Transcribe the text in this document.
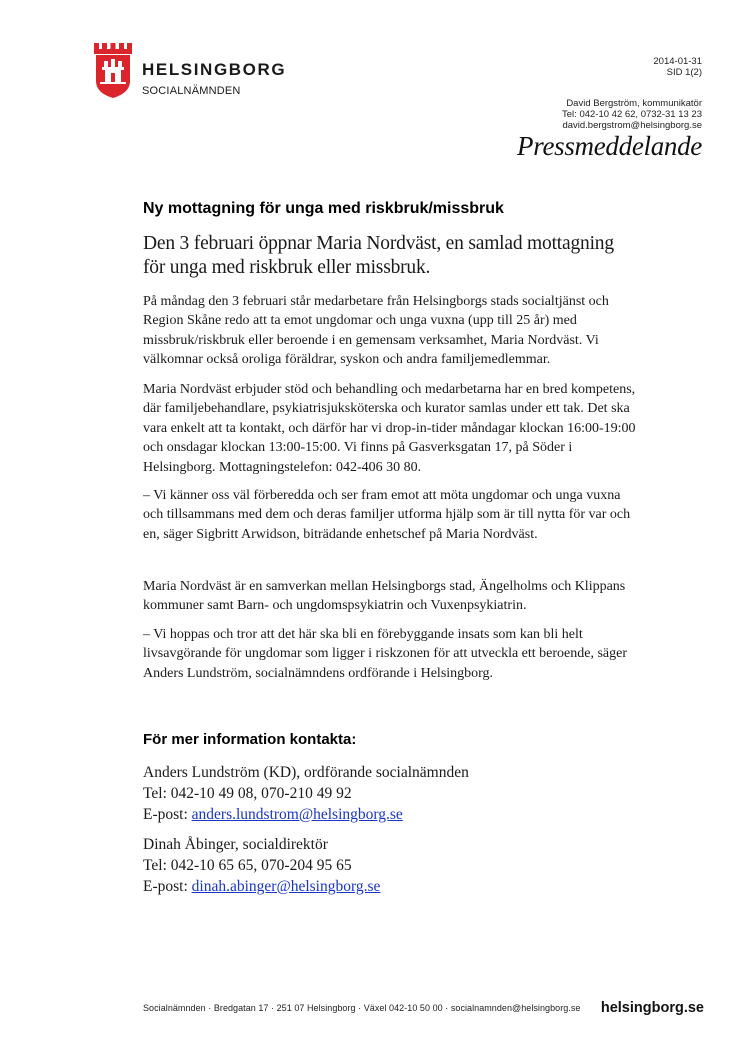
HELSINGBORG
SOCIALNÄMNDEN
2014-01-31
SID 1(2)
David Bergström, kommunikatör
Tel: 042-10 42 62, 0732-31 13 23
david.bergstrom@helsingborg.se
Pressmeddelande
Ny mottagning för unga med riskbruk/missbruk
Den 3 februari öppnar Maria Nordväst, en samlad mottagning för unga med riskbruk eller missbruk.

På måndag den 3 februari står medarbetare från Helsingborgs stads socialtjänst och Region Skåne redo att ta emot ungdomar och unga vuxna (upp till 25 år) med missbruk/riskbruk eller beroende i en gemensam verksamhet, Maria Nordväst. Vi välkomnar också oroliga föräldrar, syskon och andra familjemedlemmar.

Maria Nordväst erbjuder stöd och behandling och medarbetarna har en bred kompetens, där familjebehandlare, psykiatrisjuksköterska och kurator samlas under ett tak. Det ska vara enkelt att ta kontakt, och därför har vi drop-in-tider måndagar klockan 16:00-19:00 och onsdagar klockan 13:00-15:00. Vi finns på Gasverksgatan 17, på Söder i Helsingborg. Mottagningstelefon: 042-406 30 80.

– Vi känner oss väl förberedda och ser fram emot att möta ungdomar och unga vuxna och tillsammans med dem och deras familjer utforma hjälp som är till nytta för var och en, säger Sigbritt Arwidson, biträdande enhetschef på Maria Nordväst.

Maria Nordväst är en samverkan mellan Helsingborgs stad, Ängelholms och Klippans kommuner samt Barn- och ungdomspsykiatrin och Vuxenpsykiatrin.

– Vi hoppas och tror att det här ska bli en förebyggande insats som kan bli helt livsavgörande för ungdomar som ligger i riskzonen för att utveckla ett beroende, säger Anders Lundström, socialnämndens ordförande i Helsingborg.

För mer information kontakta:
Anders Lundström (KD), ordförande socialnämnden
Tel: 042-10 49 08, 070-210 49 92
E-post: anders.lundstrom@helsingborg.se
Dinah Åbinger, socialdirektör
Tel: 042-10 65 65, 070-204 95 65
E-post: dinah.abinger@helsingborg.se
Socialnämnden · Bredgatan 17 · 251 07 Helsingborg · Växel 042-10 50 00 · socialnamnden@helsingborg.se helsingborg.se
